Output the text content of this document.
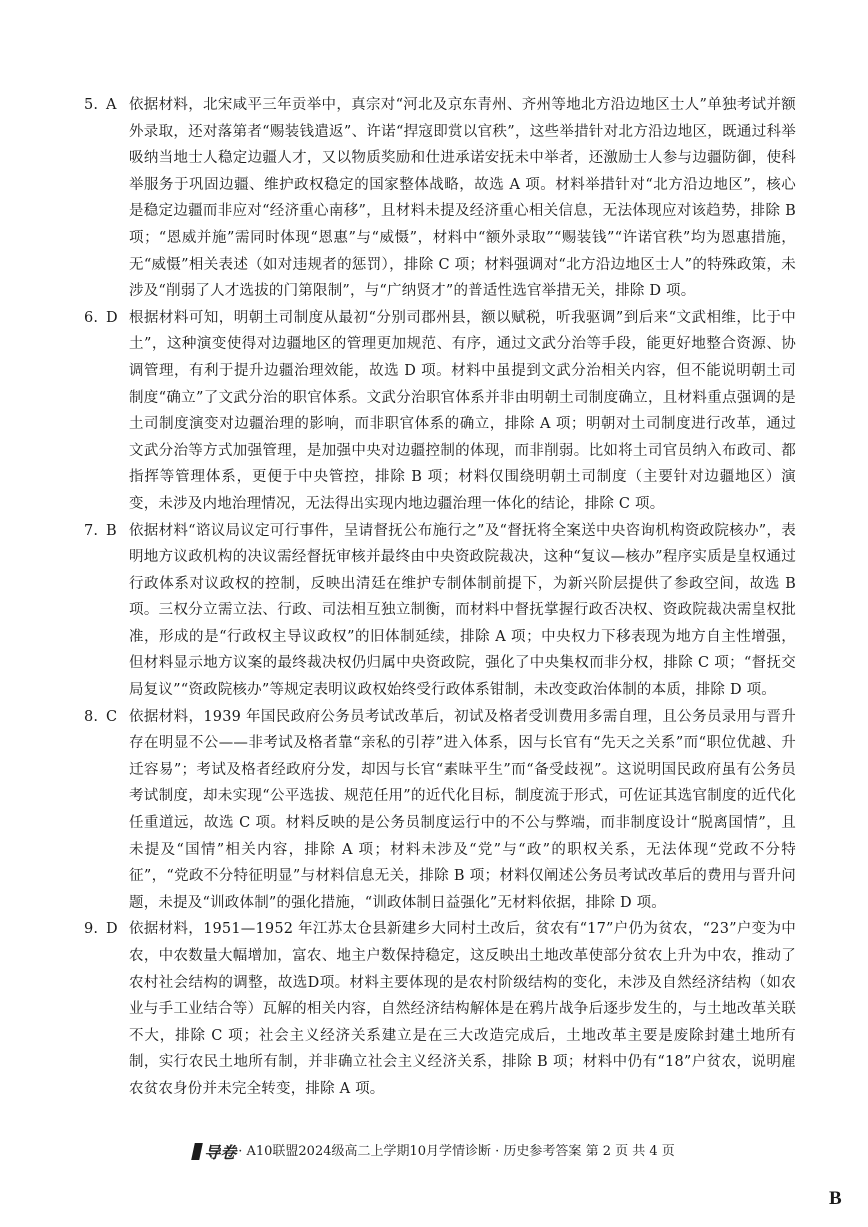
5. A 依据材料，北宋咸平三年贡举中，真宗对“河北及京东青州、齐州等地北方沿边地区士人”单独考试并额外录取，还对落第者“赐装钱遣返”、许诺“捍寇即赏以官秩”，这些举措针对北方沿边地区，既通过科举吸纳当地士人稳定边疆人才，又以物质奖励和仕进承诺安抚未中举者，还激励士人参与边疆防御，使科举服务于巩固边疆、维护政权稳定的国家整体战略，故选 A 项。材料举措针对“北方沿边地区”，核心是稳定边疆而非应对“经济重心南移”，且材料未提及经济重心相关信息，无法体现应对该趋势，排除 B 项；“恩威并施”需同时体现“恩惠”与“威慑”，材料中“额外录取”“赐装钱”“许诺官秩”均为恩惠措施，无“威慑”相关表述（如对违规者的惩罚），排除 C 项；材料强调对“北方沿边地区士人”的特殊政策，未涉及“削弱了人才选拔的门第限制”，与“广纳贤才”的普适性选官举措无关，排除 D 项。
6. D 根据材料可知，明朝土司制度从最初“分别司郡州县，额以赋税，听我驱调”到后来“文武相维，比于中土”，这种演变使得对边疆地区的管理更加规范、有序，通过文武分治等手段，能更好地整合资源、协调管理，有利于提升边疆治理效能，故选 D 项。材料中虽提到文武分治相关内容，但不能说明朝土司制度“确立”了文武分治的职官体系。文武分治职官体系并非由明朝土司制度确立，且材料重点强调的是土司制度演变对边疆治理的影响，而非职官体系的确立，排除 A 项；明朝对土司制度进行改革，通过文武分治等方式加强管理，是加强中央对边疆控制的体现，而非削弱。比如将土司官员纳入布政司、都指挥等管理体系，更便于中央管控，排除 B 项；材料仅围绕明朝土司制度（主要针对边疆地区）演变，未涉及内地治理情况，无法得出实现内地边疆治理一体化的结论，排除 C 项。
7. B 依据材料“谘议局议定可行事件，呈请督抚公布施行之”及“督抚将全案送中央咨询机构资政院核办”，表明地方议政机构的决议需经督抚审核并最终由中央资政院裁决，这种“复议—核办”程序实质是皇权通过行政体系对议政权的控制，反映出清廷在维护专制体制前提下，为新兴阶层提供了参政空间，故选 B 项。三权分立需立法、行政、司法相互独立制衡，而材料中督抚掌握行政否决权、资政院裁决需皇权批准，形成的是“行政权主导议政权”的旧体制延续，排除 A 项；中央权力下移表现为地方自主性增强，但材料显示地方议案的最终裁决权仍归属中央资政院，强化了中央集权而非分权，排除 C 项；“督抚交局复议”“资政院核办”等规定表明议政权始终受行政体系钳制，未改变政治体制的本质，排除 D 项。
8. C 依据材料，1939 年国民政府公务员考试改革后，初试及格者受训费用多需自理，且公务员录用与晋升存在明显不公——非考试及格者靠“亲私的引荐”进入体系，因与长官有“先天之关系”而“职位优越、升迁容易”；考试及格者经政府分发，却因与长官“素昧平生”而“备受歧视”。这说明国民政府虽有公务员考试制度，却未实现“公平选拔、规范任用”的近代化目标，制度流于形式，可佐证其选官制度的近代化任重道远，故选 C 项。材料反映的是公务员制度运行中的不公与弊端，而非制度设计“脱离国情”，且未提及“国情”相关内容，排除 A 项；材料未涉及“党”与“政”的职权关系，无法体现“党政不分特征”，“党政不分特征明显”与材料信息无关，排除 B 项；材料仅阐述公务员考试改革后的费用与晋升问题，未提及“训政体制”的强化措施，“训政体制日益强化”无材料依据，排除 D 项。
9. D 依据材料，1951—1952 年江苏太仓县新建乡大同村土改后，贫农有“17”户仍为贫农，“23”户变为中农，中农数量大幅增加，富农、地主户数保持稳定，这反映出土地改革使部分贫农上升为中农，推动了农村社会结构的调整，故选D项。材料主要体现的是农村阶级结构的变化，未涉及自然经济结构（如农业与手工业结合等）瓦解的相关内容，自然经济结构解体是在鸦片战争后逐步发生的，与土地改革关联不大，排除 C 项；社会主义经济关系建立是在三大改造完成后，土地改革主要是废除封建土地所有制，实行农民土地所有制，并非确立社会主义经济关系，排除 B 项；材料中仍有“18”户贫农，说明雇农贫农身份并未完全转变，排除 A 项。
导卷 · A10联盟2024级高二上学期10月学情诊断 · 历史参考答案 第 2 页 共 4 页
B
